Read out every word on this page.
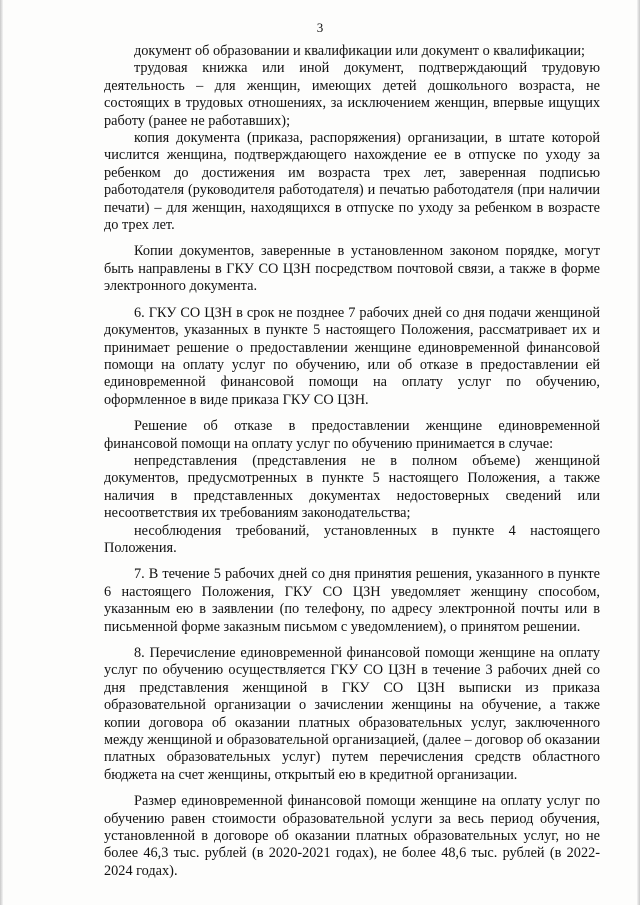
3

документ об образовании и квалификации или документ о квалификации;

трудовая книжка или иной документ, подтверждающий трудовую деятельность – для женщин, имеющих детей дошкольного возраста, не состоящих в трудовых отношениях, за исключением женщин, впервые ищущих работу (ранее не работавших);

копия документа (приказа, распоряжения) организации, в штате которой числится женщина, подтверждающего нахождение ее в отпуске по уходу за ребенком до достижения им возраста трех лет, заверенная подписью работодателя (руководителя работодателя) и печатью работодателя (при наличии печати) – для женщин, находящихся в отпуске по уходу за ребенком в возрасте до трех лет.

Копии документов, заверенные в установленном законом порядке, могут быть направлены в ГКУ СО ЦЗН посредством почтовой связи, а также в форме электронного документа.

6. ГКУ СО ЦЗН в срок не позднее 7 рабочих дней со дня подачи женщиной документов, указанных в пункте 5 настоящего Положения, рассматривает их и принимает решение о предоставлении женщине единовременной финансовой помощи на оплату услуг по обучению, или об отказе в предоставлении ей единовременной финансовой помощи на оплату услуг по обучению, оформленное в виде приказа ГКУ СО ЦЗН.

Решение об отказе в предоставлении женщине единовременной финансовой помощи на оплату услуг по обучению принимается в случае:

непредставления (представления не в полном объеме) женщиной документов, предусмотренных в пункте 5 настоящего Положения, а также наличия в представленных документах недостоверных сведений или несоответствия их требованиям законодательства;

несоблюдения требований, установленных в пункте 4 настоящего Положения.

7. В течение 5 рабочих дней со дня принятия решения, указанного в пункте 6 настоящего Положения, ГКУ СО ЦЗН уведомляет женщину способом, указанным ею в заявлении (по телефону, по адресу электронной почты или в письменной форме заказным письмом с уведомлением), о принятом решении.

8. Перечисление единовременной финансовой помощи женщине на оплату услуг по обучению осуществляется ГКУ СО ЦЗН в течение 3 рабочих дней со дня представления женщиной в ГКУ СО ЦЗН выписки из приказа образовательной организации о зачислении женщины на обучение, а также копии договора об оказании платных образовательных услуг, заключенного между женщиной и образовательной организацией, (далее – договор об оказании платных образовательных услуг) путем перечисления средств областного бюджета на счет женщины, открытый ею в кредитной организации.

Размер единовременной финансовой помощи женщине на оплату услуг по обучению равен стоимости образовательной услуги за весь период обучения, установленной в договоре об оказании платных образовательных услуг, но не более 46,3 тыс. рублей (в 2020-2021 годах), не более 48,6 тыс. рублей (в 2022-2024 годах).
